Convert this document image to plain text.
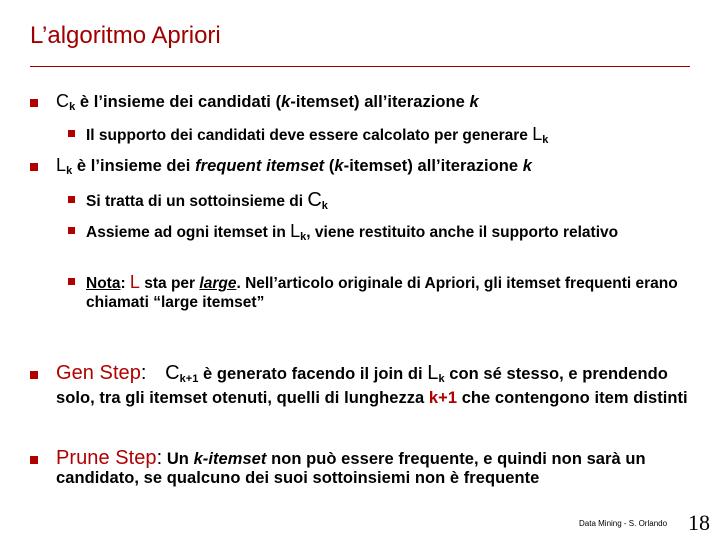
L’algoritmo Apriori
$C_k$ è l’insieme dei candidati (k-itemset) all’iterazione k
Il supporto dei candidati deve essere calcolato per generare $L_k$
$L_k$ è l’insieme dei frequent itemset (k-itemset) all’iterazione k
Si tratta di un sottoinsieme di $C_k$
Assieme ad ogni itemset in $L_k$, viene restituito anche il supporto relativo
Nota: L sta per large. Nell’articolo originale di Apriori, gli itemset frequenti erano chiamati “large itemset”
Gen Step: $C_{k+1}$ è generato facendo il join di $L_k$ con sé stesso, e prendendo solo, tra gli itemset otenuti, quelli di lunghezza k+1 che contengono item distinti
Prune Step: Un k-itemset non può essere frequente, e quindi non sarà un candidato, se qualcuno dei suoi sottoinsiemi non è frequente
Data Mining - S. Orlando 18
